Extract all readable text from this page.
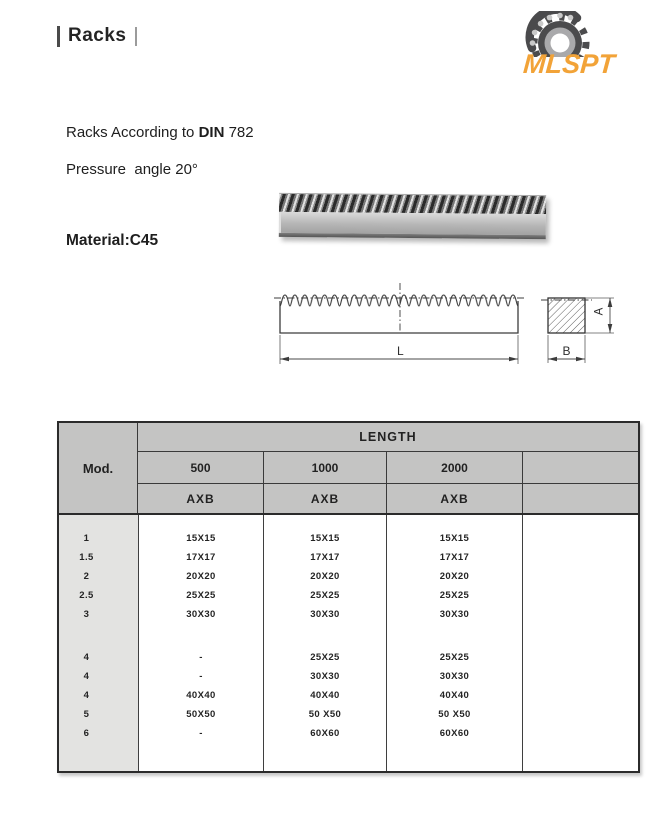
Racks
MLSPT

Racks According to DIN 782

Pressure  angle 20°

Material:C45

L
A
B
Mod.
LENGTH
500	1000	2000
AXB	AXB	AXB
1	15X15	15X15	15X15
1.5	17X17	17X17	17X17
2	20X20	20X20	20X20
2.5	25X25	25X25	25X25
3	30X30	30X30	30X30
4	-	25X25	25X25
4	-	30X30	30X30
4	40X40	40X40	40X40
5	50X50	50 X50	50 X50
6	-	60X60	60X60
